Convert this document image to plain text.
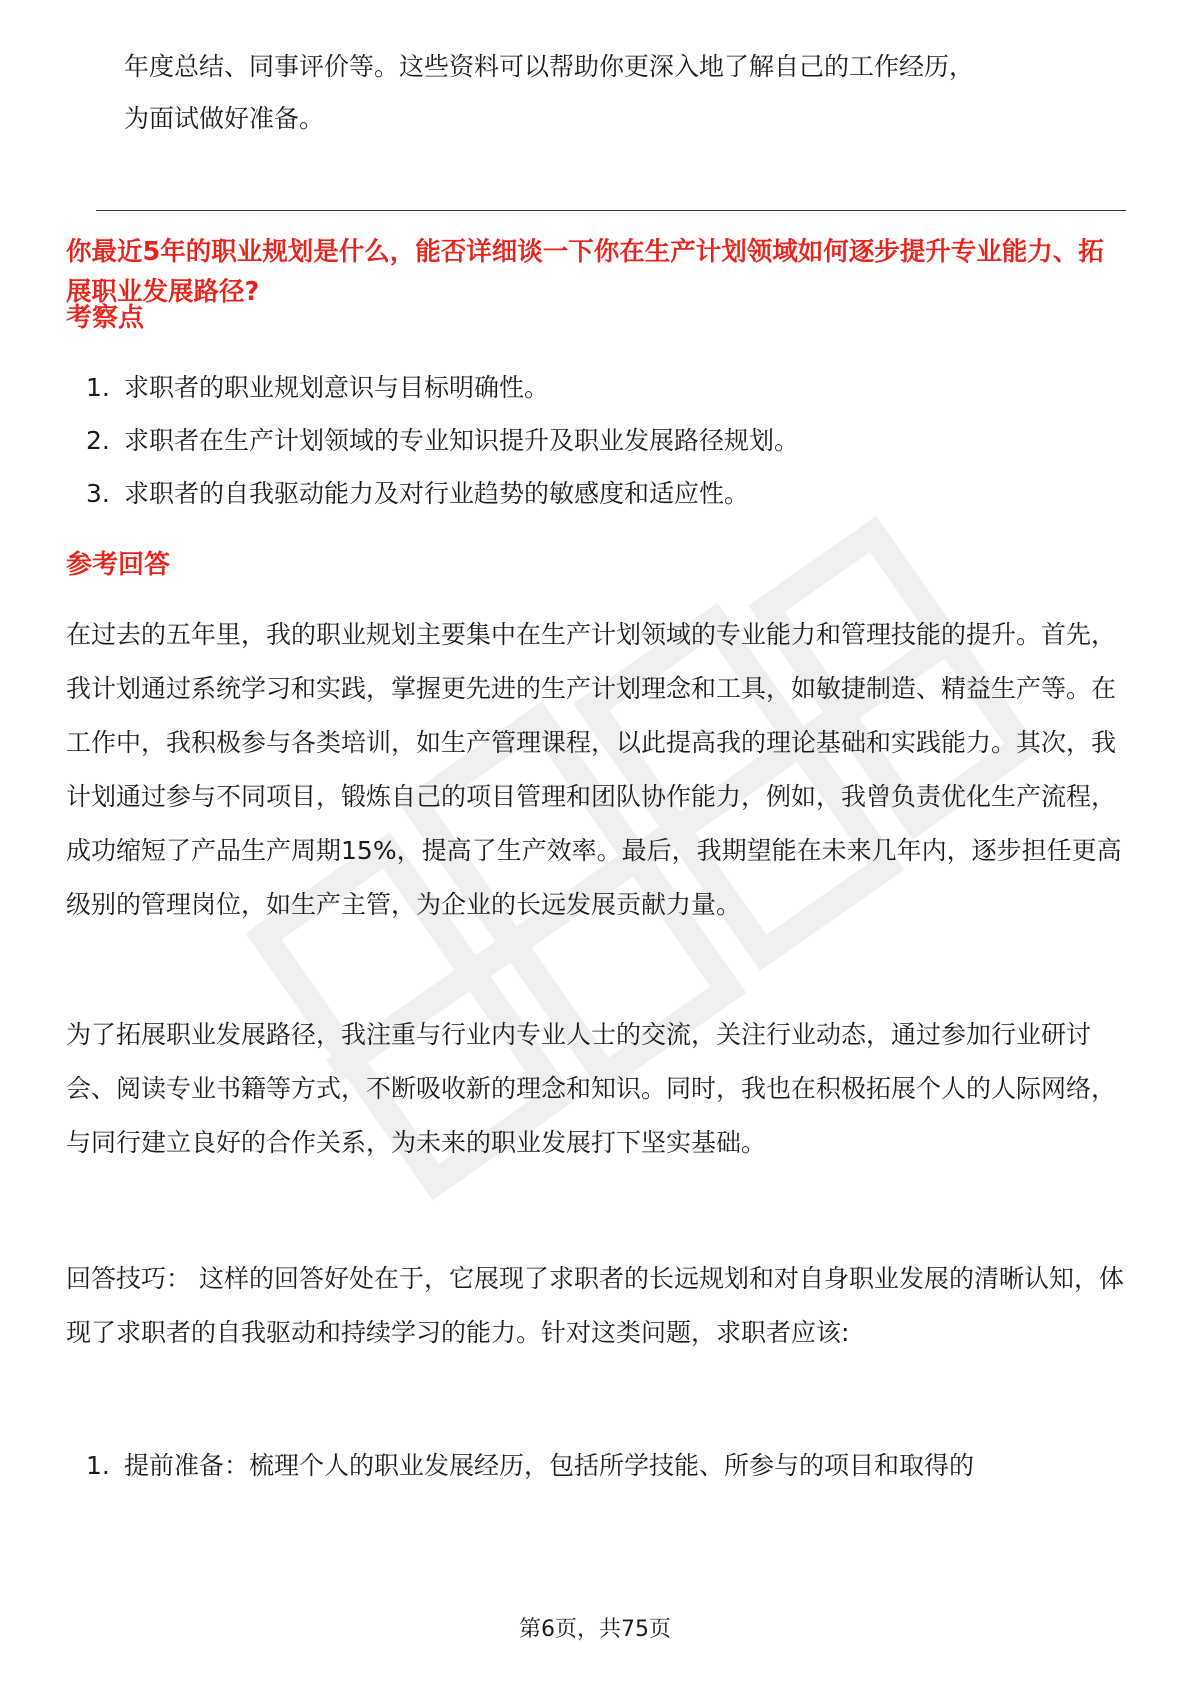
年度总结、同事评价等。这些资料可以帮助你更深入地了解自己的工作经历，

为面试做好准备。

你最近5年的职业规划是什么，能否详细谈一下你在生产计划领域如何逐步提升专业能力、拓展职业发展路径?

考察点

1. 求职者的职业规划意识与目标明确性。
2. 求职者在生产计划领域的专业知识提升及职业发展路径规划。
3. 求职者的自我驱动能力及对行业趋势的敏感度和适应性。

参考回答

在过去的五年里，我的职业规划主要集中在生产计划领域的专业能力和管理技能的提升。首先，我计划通过系统学习和实践，掌握更先进的生产计划理念和工具，如敏捷制造、精益生产等。在工作中，我积极参与各类培训，如生产管理课程，以此提高我的理论基础和实践能力。其次，我计划通过参与不同项目，锻炼自己的项目管理和团队协作能力，例如，我曾负责优化生产流程，成功缩短了产品生产周期15%，提高了生产效率。最后，我期望能在未来几年内，逐步担任更高级别的管理岗位，如生产主管，为企业的长远发展贡献力量。

为了拓展职业发展路径，我注重与行业内专业人士的交流，关注行业动态，通过参加行业研讨会、阅读专业书籍等方式，不断吸收新的理念和知识。同时，我也在积极拓展个人的人际网络，与同行建立良好的合作关系，为未来的职业发展打下坚实基础。

回答技巧： 这样的回答好处在于，它展现了求职者的长远规划和对自身职业发展的清晰认知，体现了求职者的自我驱动和持续学习的能力。针对这类问题，求职者应该:

1. 提前准备：梳理个人的职业发展经历，包括所学技能、所参与的项目和取得的
第6页，共75页
